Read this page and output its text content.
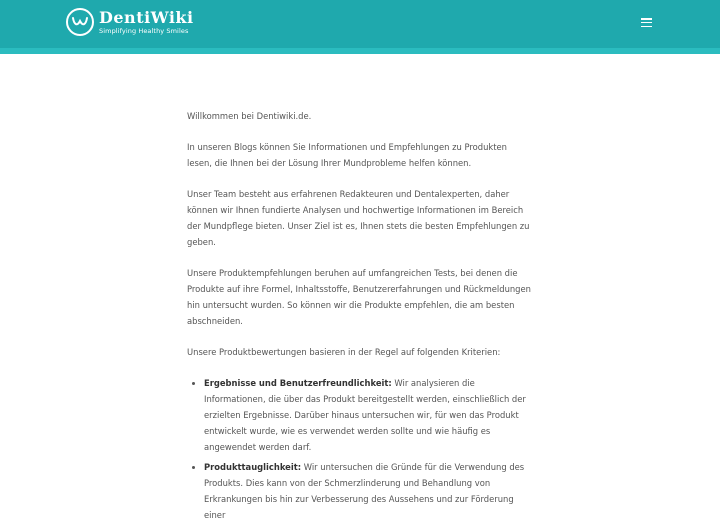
DentiWiki
Simplifying Healthy Smiles

Willkommen bei Dentiwiki.de.

In unseren Blogs können Sie Informationen und Empfehlungen zu Produkten lesen, die Ihnen bei der Lösung Ihrer Mundprobleme helfen können.

Unser Team besteht aus erfahrenen Redakteuren und Dentalexperten, daher können wir Ihnen fundierte Analysen und hochwertige Informationen im Bereich der Mundpflege bieten. Unser Ziel ist es, Ihnen stets die besten Empfehlungen zu geben.

Unsere Produktempfehlungen beruhen auf umfangreichen Tests, bei denen die Produkte auf ihre Formel, Inhaltsstoffe, Benutzererfahrungen und Rückmeldungen hin untersucht wurden. So können wir die Produkte empfehlen, die am besten abschneiden.

Unsere Produktbewertungen basieren in der Regel auf folgenden Kriterien:

• Ergebnisse und Benutzerfreundlichkeit: Wir analysieren die Informationen, die über das Produkt bereitgestellt werden, einschließlich der erzielten Ergebnisse. Darüber hinaus untersuchen wir, für wen das Produkt entwickelt wurde, wie es verwendet werden sollte und wie häufig es angewendet werden darf.
• Produkttauglichkeit: Wir untersuchen die Gründe für die Verwendung des Produkts. Dies kann von der Schmerzlinderung und Behandlung von Erkrankungen bis hin zur Verbesserung des Aussehens und zur Förderung einer
